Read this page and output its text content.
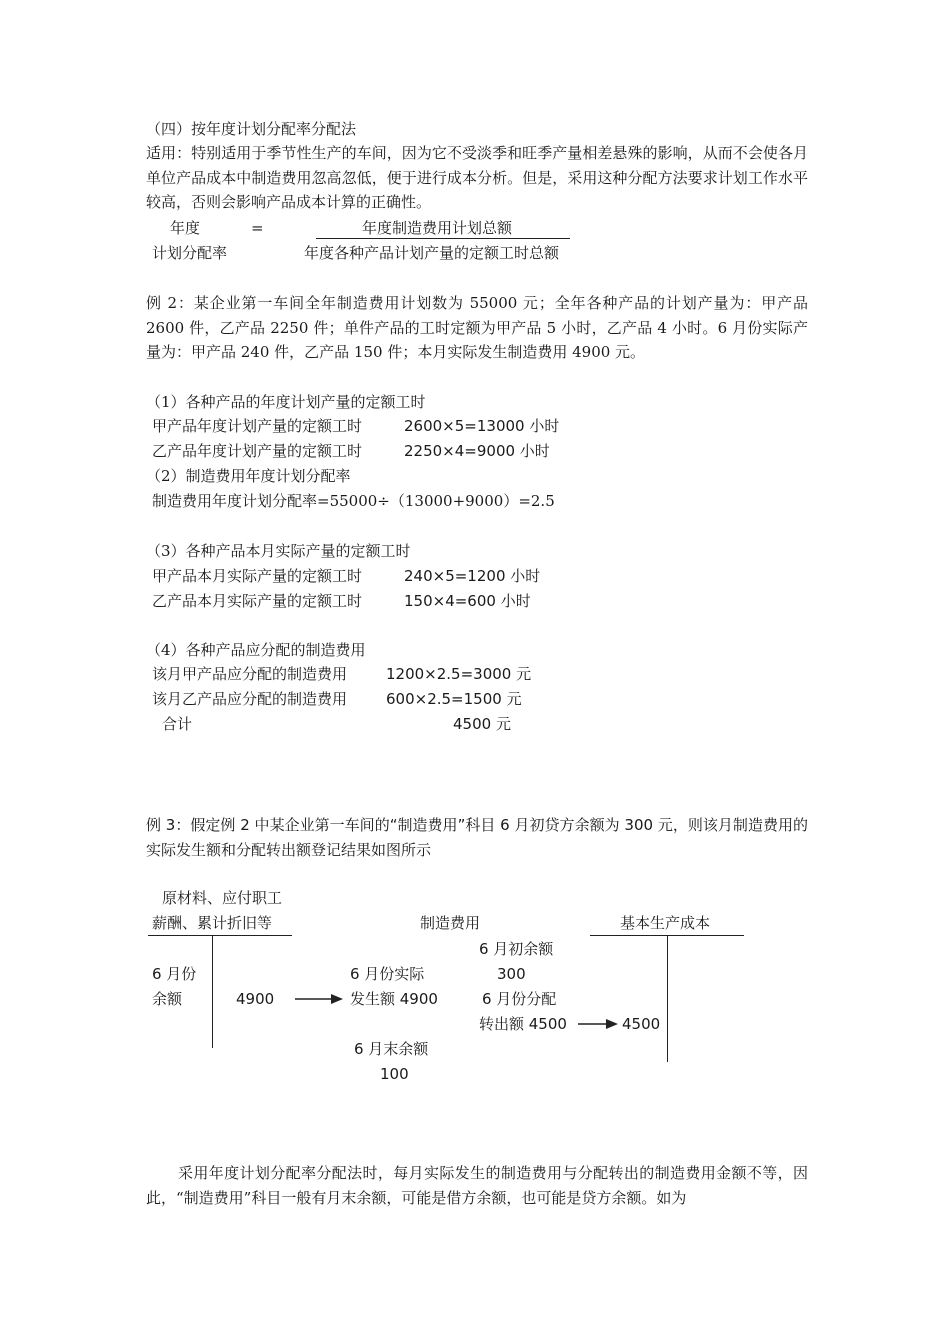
（四）按年度计划分配率分配法
适用：特别适用于季节性生产的车间，因为它不受淡季和旺季产量相差悬殊的影响，从而不会使各月单位产品成本中制造费用忽高忽低，便于进行成本分析。但是，采用这种分配方法要求计划工作水平较高，否则会影响产品成本计算的正确性。
年度	=	年度制造费用计划总额
计划分配率	年度各种产品计划产量的定额工时总额
例 2：某企业第一车间全年制造费用计划数为 55000 元；全年各种产品的计划产量为：甲产品 2600 件，乙产品 2250 件；单件产品的工时定额为甲产品 5 小时，乙产品 4 小时。6 月份实际产量为：甲产品 240 件，乙产品 150 件；本月实际发生制造费用 4900 元。
（1）各种产品的年度计划产量的定额工时
甲产品年度计划产量的定额工时	2600×5=13000 小时
乙产品年度计划产量的定额工时	2250×4=9000 小时
（2）制造费用年度计划分配率
制造费用年度计划分配率=55000÷（13000+9000）=2.5
（3）各种产品本月实际产量的定额工时
甲产品本月实际产量的定额工时	240×5=1200 小时
乙产品本月实际产量的定额工时	150×4=600 小时
（4）各种产品应分配的制造费用
该月甲产品应分配的制造费用	1200×2.5=3000 元
该月乙产品应分配的制造费用	600×2.5=1500 元
合计	4500 元
例 3：假定例 2 中某企业第一车间的“制造费用”科目 6 月初贷方余额为 300 元，则该月制造费用的实际发生额和分配转出额登记结果如图所示
原材料、应付职工
薪酬、累计折旧等	制造费用	基本生产成本
6 月份
余额	4900
6 月份实际
发生额 4900
6 月初余额
300
6 月份分配
转出额 4500	4500
6 月末余额
100
采用年度计划分配率分配法时，每月实际发生的制造费用与分配转出的制造费用金额不等，因此，“制造费用”科目一般有月末余额，可能是借方余额，也可能是贷方余额。如为
